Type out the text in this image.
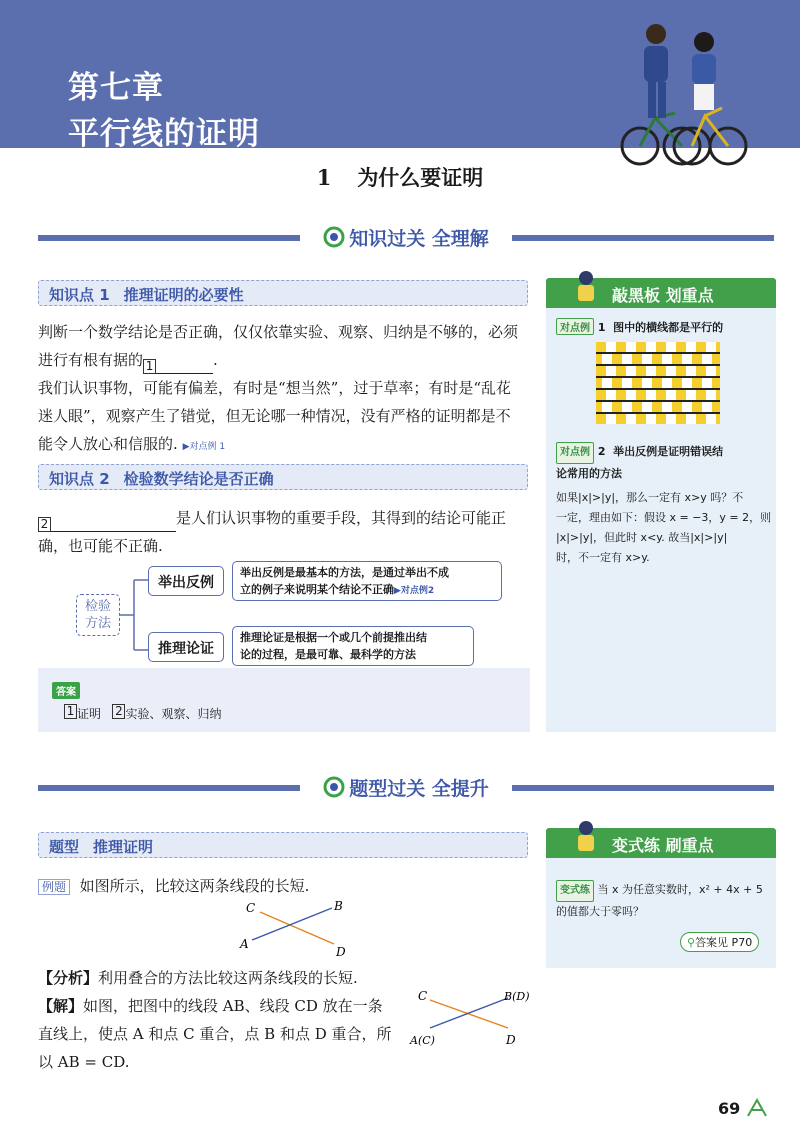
第七章
平行线的证明
1 为什么要证明
知识过关 全理解
知识点 1 推理证明的必要性
判断一个数学结论是否正确，仅仅依靠实验、观察、归纳是不够的，必须
进行有根有据的 1	.
我们认识事物，可能有偏差，有时是“想当然”，过于草率；有时是“乱花
迷人眼”，观察产生了错觉，但无论哪一种情况，没有严格的证明都是不
能令人放心和信服的. ▶对点例 1
知识点 2 检验数学结论是否正确
2	是人们认识事物的重要手段，其得到的结论可能正
确，也可能不正确.
检验
方法
举出反例
举出反例是最基本的方法，是通过举出不成
立的例子来说明某个结论不正确▶对点例2
推理论证
推理论证是根据一个或几个前提推出结
论的过程，是最可靠、最科学的方法
答案
1 证明 2 实验、观察、归纳
敲黑板 划重点
对点例 1 图中的横线都是平行的
对点例 2 举出反例是证明错误结
论常用的方法
如果|x|>|y|，那么一定有 x>y 吗？不
一定，理由如下：假设 x = −3，y = 2，则
|x|>|y|，但此时 x<y. 故当|x|>|y|
时，不一定有 x>y.
题型过关 全提升
题型 推理证明
例题 如图所示，比较这两条线段的长短.
C	B
A
D
【分析】利用叠合的方法比较这两条线段的长短.
【解】如图，把图中的线段 AB、线段 CD 放在一条
直线上，使点 A 和点 C 重合，点 B 和点 D 重合，所
以 AB = CD.
C	B(D)
A(C)	D
变式练 刷重点
变式练 当 x 为任意实数时，x² + 4x + 5
的值都大于零吗？
⚲答案见 P70
69
